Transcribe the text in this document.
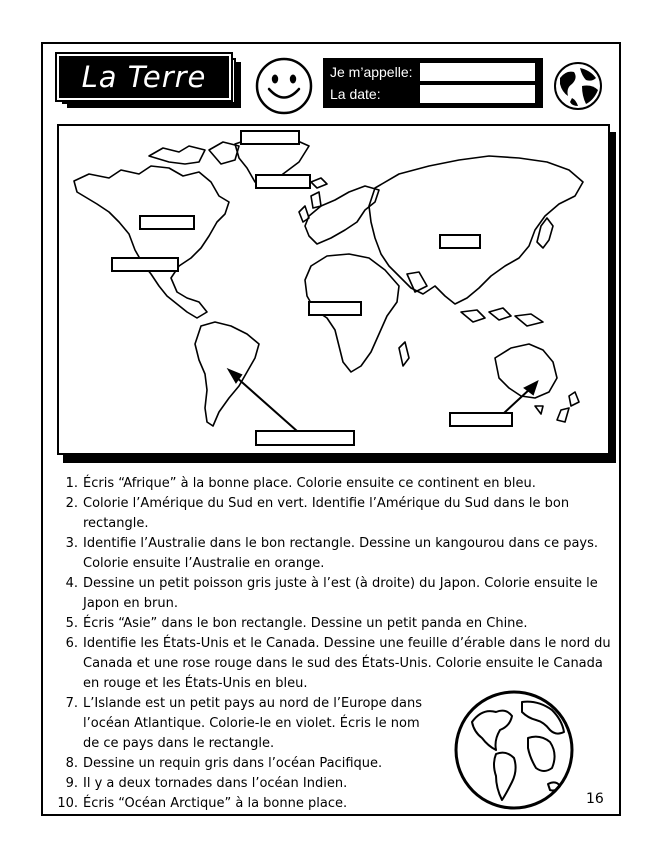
La Terre	Je m’appelle:
La date:
1. Écris “Afrique” à la bonne place. Colorie ensuite ce continent en bleu.
2. Colorie l’Amérique du Sud en vert. Identifie l’Amérique du Sud dans le bon rectangle.
3. Identifie l’Australie dans le bon rectangle. Dessine un kangourou dans ce pays. Colorie ensuite l’Australie en orange.
4. Dessine un petit poisson gris juste à l’est (à droite) du Japon. Colorie ensuite le Japon en brun.
5. Écris “Asie” dans le bon rectangle. Dessine un petit panda en Chine.
6. Identifie les États-Unis et le Canada. Dessine une feuille d’érable dans le nord du Canada et une rose rouge dans le sud des États-Unis. Colorie ensuite le Canada en rouge et les États-Unis en bleu.
7. L’Islande est un petit pays au nord de l’Europe dans l’océan Atlantique. Colorie-le en violet. Écris le nom de ce pays dans le rectangle.
8. Dessine un requin gris dans l’océan Pacifique.
9. Il y a deux tornades dans l’océan Indien.
10. Écris “Océan Arctique” à la bonne place.	16
